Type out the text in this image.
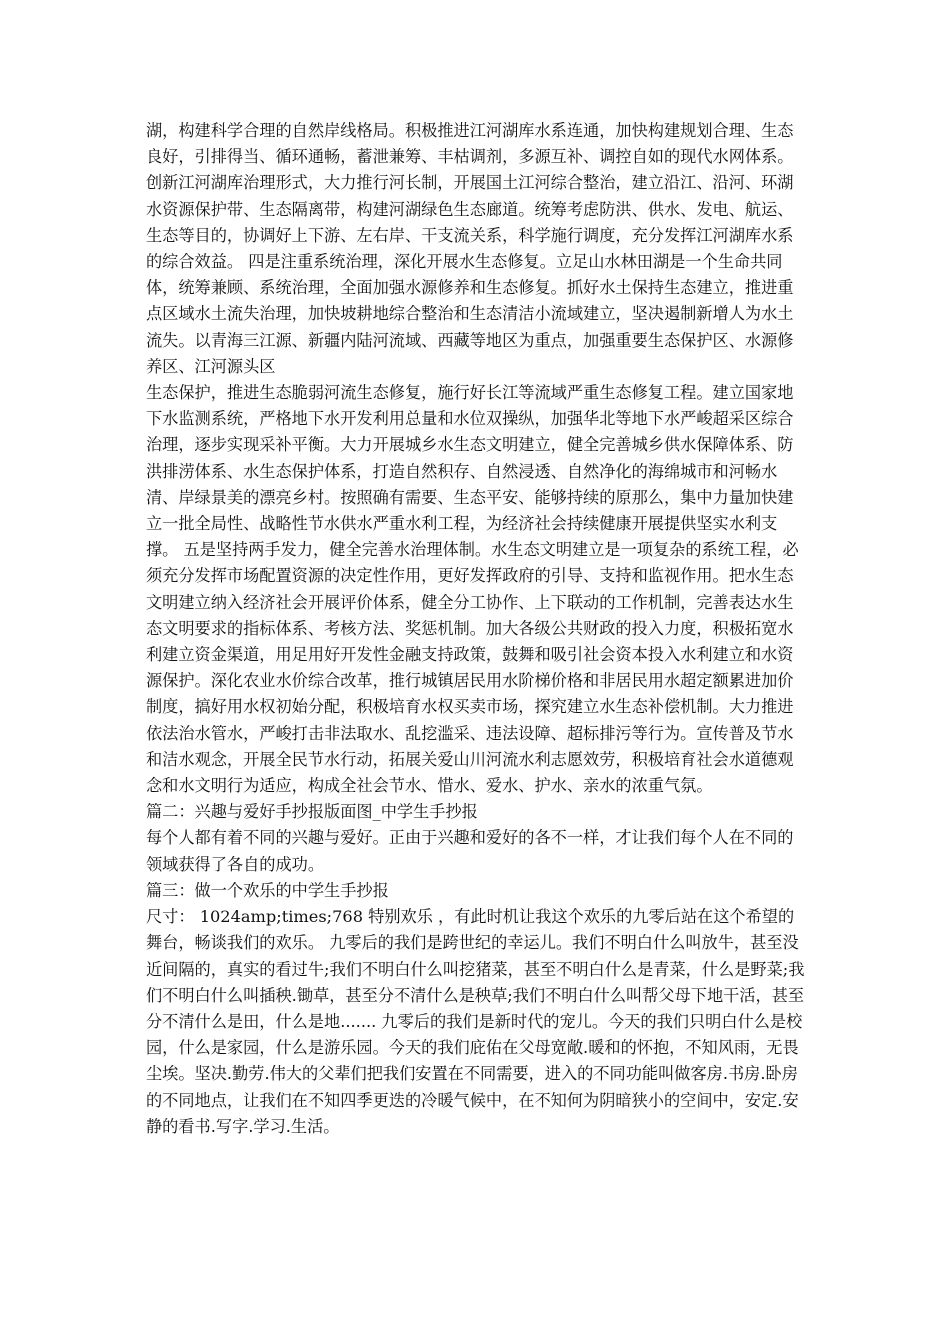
湖，构建科学合理的自然岸线格局。积极推进江河湖库水系连通，加快构建规划合理、生态良好，引排得当、循环通畅，蓄泄兼筹、丰枯调剂，多源互补、调控自如的现代水网体系。创新江河湖库治理形式，大力推行河长制，开展国土江河综合整治，建立沿江、沿河、环湖水资源保护带、生态隔离带，构建河湖绿色生态廊道。统筹考虑防洪、供水、发电、航运、生态等目的，协调好上下游、左右岸、干支流关系，科学施行调度，充分发挥江河湖库水系的综合效益。 四是注重系统治理，深化开展水生态修复。立足山水林田湖是一个生命共同体，统筹兼顾、系统治理，全面加强水源修养和生态修复。抓好水土保持生态建立，推进重点区域水土流失治理，加快坡耕地综合整治和生态清洁小流域建立，坚决遏制新增人为水土流失。以青海三江源、新疆内陆河流域、西藏等地区为重点，加强重要生态保护区、水源修养区、江河源头区

生态保护，推进生态脆弱河流生态修复，施行好长江等流域严重生态修复工程。建立国家地下水监测系统，严格地下水开发利用总量和水位双操纵，加强华北等地下水严峻超采区综合治理，逐步实现采补平衡。大力开展城乡水生态文明建立，健全完善城乡供水保障体系、防洪排涝体系、水生态保护体系，打造自然积存、自然浸透、自然净化的海绵城市和河畅水清、岸绿景美的漂亮乡村。按照确有需要、生态平安、能够持续的原那么，集中力量加快建立一批全局性、战略性节水供水严重水利工程，为经济社会持续健康开展提供坚实水利支撑。 五是坚持两手发力，健全完善水治理体制。水生态文明建立是一项复杂的系统工程，必须充分发挥市场配置资源的决定性作用，更好发挥政府的引导、支持和监视作用。把水生态文明建立纳入经济社会开展评价体系，健全分工协作、上下联动的工作机制，完善表达水生态文明要求的指标体系、考核方法、奖惩机制。加大各级公共财政的投入力度，积极拓宽水利建立资金渠道，用足用好开发性金融支持政策，鼓舞和吸引社会资本投入水利建立和水资源保护。深化农业水价综合改革，推行城镇居民用水阶梯价格和非居民用水超定额累进加价制度，搞好用水权初始分配，积极培育水权买卖市场，探究建立水生态补偿机制。大力推进依法治水管水，严峻打击非法取水、乱挖滥采、违法设障、超标排污等行为。宣传普及节水和洁水观念，开展全民节水行动，拓展关爱山川河流水利志愿效劳，积极培育社会水道德观念和水文明行为适应，构成全社会节水、惜水、爱水、护水、亲水的浓重气氛。

篇二：兴趣与爱好手抄报版面图_中学生手抄报

每个人都有着不同的兴趣与爱好。正由于兴趣和爱好的各不一样，才让我们每个人在不同的领域获得了各自的成功。

篇三：做一个欢乐的中学生手抄报

尺寸： 1024amp;times;768 特别欢乐 ，有此时机让我这个欢乐的九零后站在这个希望的舞台，畅谈我们的欢乐。 九零后的我们是跨世纪的幸运儿。我们不明白什么叫放牛，甚至没近间隔的，真实的看过牛;我们不明白什么叫挖猪菜，甚至不明白什么是青菜，什么是野菜;我们不明白什么叫插秧.锄草，甚至分不清什么是秧草;我们不明白什么叫帮父母下地干活，甚至分不清什么是田，什么是地....... 九零后的我们是新时代的宠儿。今天的我们只明白什么是校园，什么是家园，什么是游乐园。今天的我们庇佑在父母宽敞.暖和的怀抱，不知风雨，无畏尘埃。坚决.勤劳.伟大的父辈们把我们安置在不同需要，进入的不同功能叫做客房.书房.卧房的不同地点，让我们在不知四季更迭的冷暖气候中，在不知何为阴暗狭小的空间中，安定.安静的看书.写字.学习.生活。
